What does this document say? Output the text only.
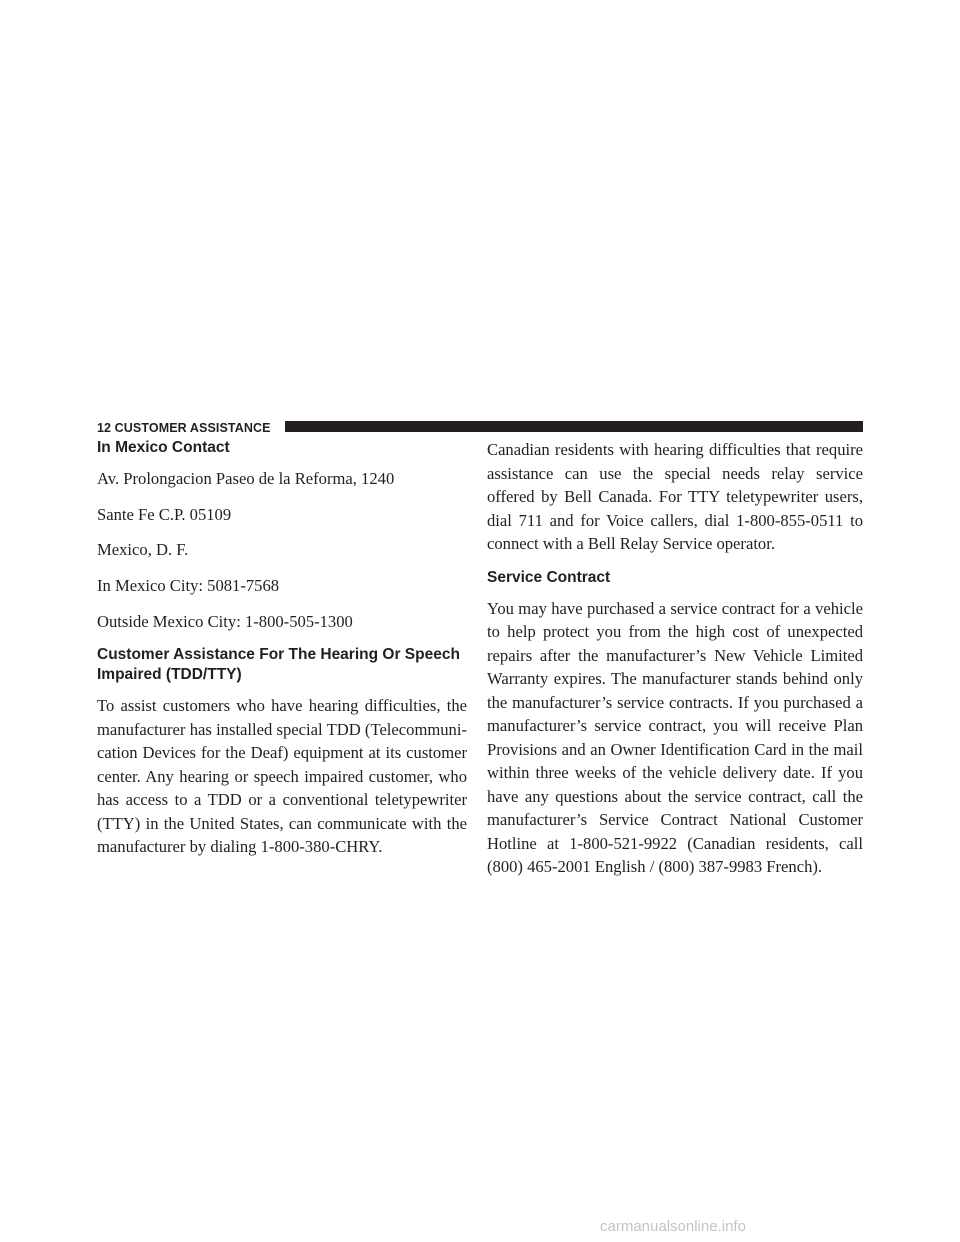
12 CUSTOMER ASSISTANCE
In Mexico Contact
Av. Prolongacion Paseo de la Reforma, 1240
Sante Fe C.P. 05109
Mexico, D. F.
In Mexico City: 5081-7568
Outside Mexico City: 1-800-505-1300
Customer Assistance For The Hearing Or Speech Impaired (TDD/TTY)

To assist customers who have hearing difficulties, the manufacturer has installed special TDD (Telecommuni-cation Devices for the Deaf) equipment at its customer center. Any hearing or speech impaired customer, who has access to a TDD or a conventional teletypewriter (TTY) in the United States, can communicate with the manufacturer by dialing 1-800-380-CHRY.

Canadian residents with hearing difficulties that require assistance can use the special needs relay service offered by Bell Canada. For TTY teletypewriter users, dial 711 and for Voice callers, dial 1-800-855-0511 to connect with a Bell Relay Service operator.

Service Contract

You may have purchased a service contract for a vehicle to help protect you from the high cost of unexpected repairs after the manufacturer’s New Vehicle Limited Warranty expires. The manufacturer stands behind only the manufacturer’s service contracts. If you purchased a manufacturer’s service contract, you will receive Plan Provisions and an Owner Identification Card in the mail within three weeks of the vehicle delivery date. If you have any questions about the service contract, call the manufacturer’s Service Contract National Customer Hotline at 1-800-521-9922 (Canadian residents, call (800) 465-2001 English / (800) 387-9983 French).

carmanualsonline.info
